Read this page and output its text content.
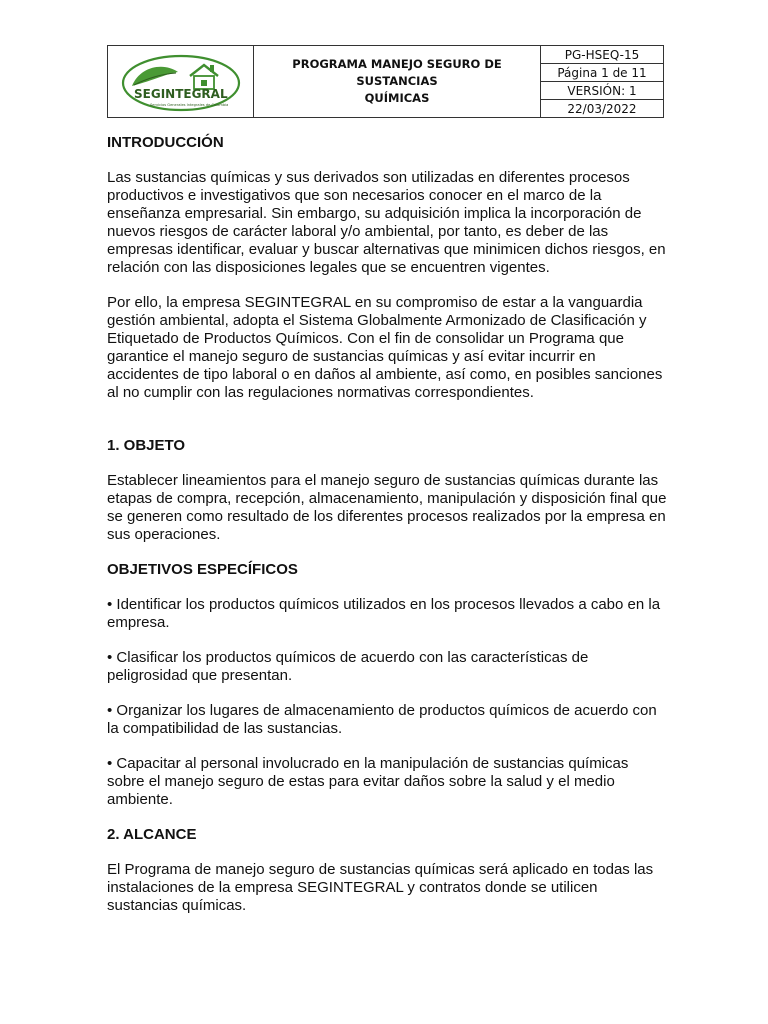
SEGINTEGRAL
Servicios Generales Integrales de Colombia

PROGRAMA MANEJO SEGURO DE SUSTANCIAS
QUÍMICAS
	PG-HSEQ-15
Página 1 de 11
VERSIÓN: 1
22/03/2022
INTRODUCCIÓN

Las sustancias químicas y sus derivados son utilizadas en diferentes procesos productivos e investigativos que son necesarios conocer en el marco de la enseñanza empresarial. Sin embargo, su adquisición implica la incorporación de nuevos riesgos de carácter laboral y/o ambiental, por tanto, es deber de las empresas identificar, evaluar y buscar alternativas que minimicen dichos riesgos, en relación con las disposiciones legales que se encuentren vigentes.

Por ello, la empresa SEGINTEGRAL en su compromiso de estar a la vanguardia gestión ambiental, adopta el Sistema Globalmente Armonizado de Clasificación y Etiquetado de Productos Químicos. Con el fin de consolidar un Programa que garantice el manejo seguro de sustancias químicas y así evitar incurrir en accidentes de tipo laboral o en daños al ambiente, así como, en posibles sanciones al no cumplir con las regulaciones normativas correspondientes.

1. OBJETO

Establecer lineamientos para el manejo seguro de sustancias químicas durante las etapas de compra, recepción, almacenamiento, manipulación y disposición final que se generen como resultado de los diferentes procesos realizados por la empresa en sus operaciones.

OBJETIVOS ESPECÍFICOS

• Identificar los productos químicos utilizados en los procesos llevados a cabo en la empresa.

• Clasificar los productos químicos de acuerdo con las características de peligrosidad que presentan.

• Organizar los lugares de almacenamiento de productos químicos de acuerdo con la compatibilidad de las sustancias.

• Capacitar al personal involucrado en la manipulación de sustancias químicas sobre el manejo seguro de estas para evitar daños sobre la salud y el medio ambiente.

2. ALCANCE

El Programa de manejo seguro de sustancias químicas será aplicado en todas las instalaciones de la empresa SEGINTEGRAL y contratos donde se utilicen sustancias químicas.
